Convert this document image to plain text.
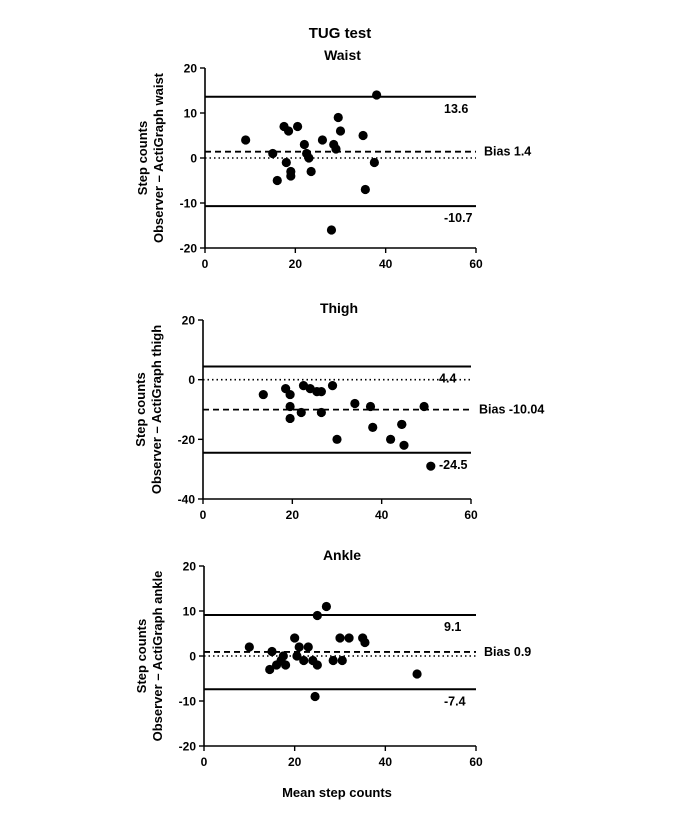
TUG test
Waist
-20
-10
0
10
20
0	20	40	60
13.6
-10.7
Bias 1.4
Step counts Observer – ActiGraph waist
Thigh
-40
-20
0
20
0	20	40	60
4.4
-24.5
Bias -10.04
Step counts Observer – ActiGraph thigh
Ankle
-20
-10
0
10
20
0	20	40	60
9.1
-7.4
Bias 0.9
Step counts Observer – ActiGraph ankle
Mean step counts
